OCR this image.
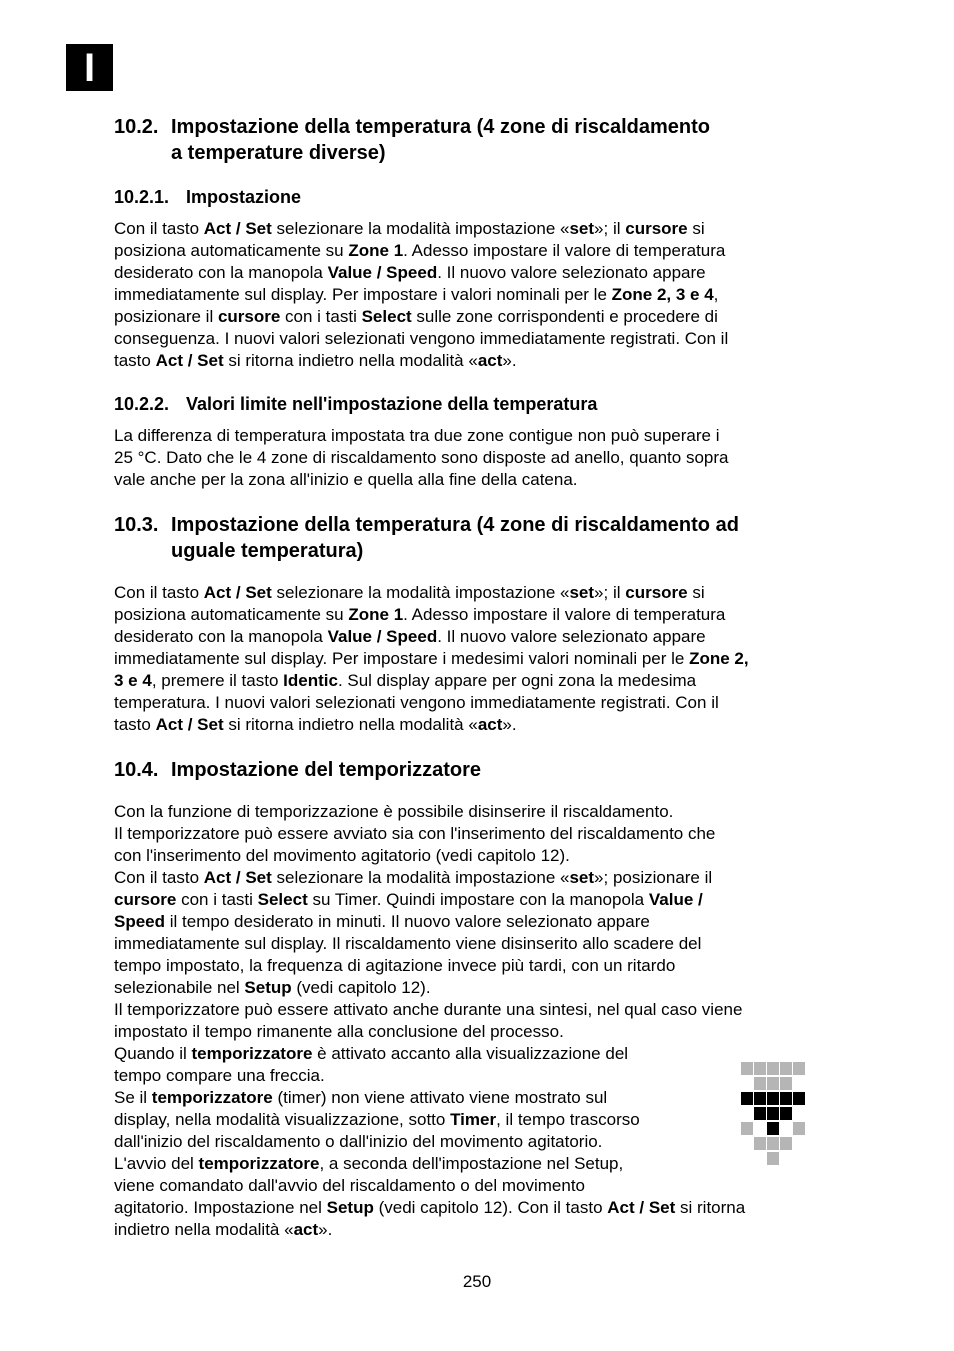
I
10.2. Impostazione della temperatura (4 zone di riscaldamento
a temperature diverse)
10.2.1. Impostazione
Con il tasto Act / Set selezionare la modalità impostazione «set»; il cursore si
posiziona automaticamente su Zone 1. Adesso impostare il valore di temperatura
desiderato con la manopola Value / Speed. Il nuovo valore selezionato appare
immediatamente sul display. Per impostare i valori nominali per le Zone 2, 3 e 4,
posizionare il cursore con i tasti Select sulle zone corrispondenti e procedere di
conseguenza. I nuovi valori selezionati vengono immediatamente registrati. Con il
tasto Act / Set si ritorna indietro nella modalità «act».
10.2.2. Valori limite nell'impostazione della temperatura
La differenza di temperatura impostata tra due zone contigue non può superare i
25 °C. Dato che le 4 zone di riscaldamento sono disposte ad anello, quanto sopra
vale anche per la zona all'inizio e quella alla fine della catena.
10.3. Impostazione della temperatura (4 zone di riscaldamento ad
uguale temperatura)
Con il tasto Act / Set selezionare la modalità impostazione «set»; il cursore si
posiziona automaticamente su Zone 1. Adesso impostare il valore di temperatura
desiderato con la manopola Value / Speed. Il nuovo valore selezionato appare
immediatamente sul display. Per impostare i medesimi valori nominali per le Zone 2,
3 e 4, premere il tasto Identic. Sul display appare per ogni zona la medesima
temperatura. I nuovi valori selezionati vengono immediatamente registrati. Con il
tasto Act / Set si ritorna indietro nella modalità «act».
10.4. Impostazione del temporizzatore
Con la funzione di temporizzazione è possibile disinserire il riscaldamento.
Il temporizzatore può essere avviato sia con l'inserimento del riscaldamento che
con l'inserimento del movimento agitatorio (vedi capitolo 12).
Con il tasto Act / Set selezionare la modalità impostazione «set»; posizionare il
cursore con i tasti Select su Timer. Quindi impostare con la manopola Value /
Speed il tempo desiderato in minuti. Il nuovo valore selezionato appare
immediatamente sul display. Il riscaldamento viene disinserito allo scadere del
tempo impostato, la frequenza di agitazione invece più tardi, con un ritardo
selezionabile nel Setup (vedi capitolo 12).
Il temporizzatore può essere attivato anche durante una sintesi, nel qual caso viene
impostato il tempo rimanente alla conclusione del processo.
Quando il temporizzatore è attivato accanto alla visualizzazione del
tempo compare una freccia.
Se il temporizzatore (timer) non viene attivato viene mostrato sul
display, nella modalità visualizzazione, sotto Timer, il tempo trascorso
dall'inizio del riscaldamento o dall'inizio del movimento agitatorio.
L'avvio del temporizzatore, a seconda dell'impostazione nel Setup,
viene comandato dall'avvio del riscaldamento o del movimento
agitatorio. Impostazione nel Setup (vedi capitolo 12). Con il tasto Act / Set si ritorna
indietro nella modalità «act».
250
